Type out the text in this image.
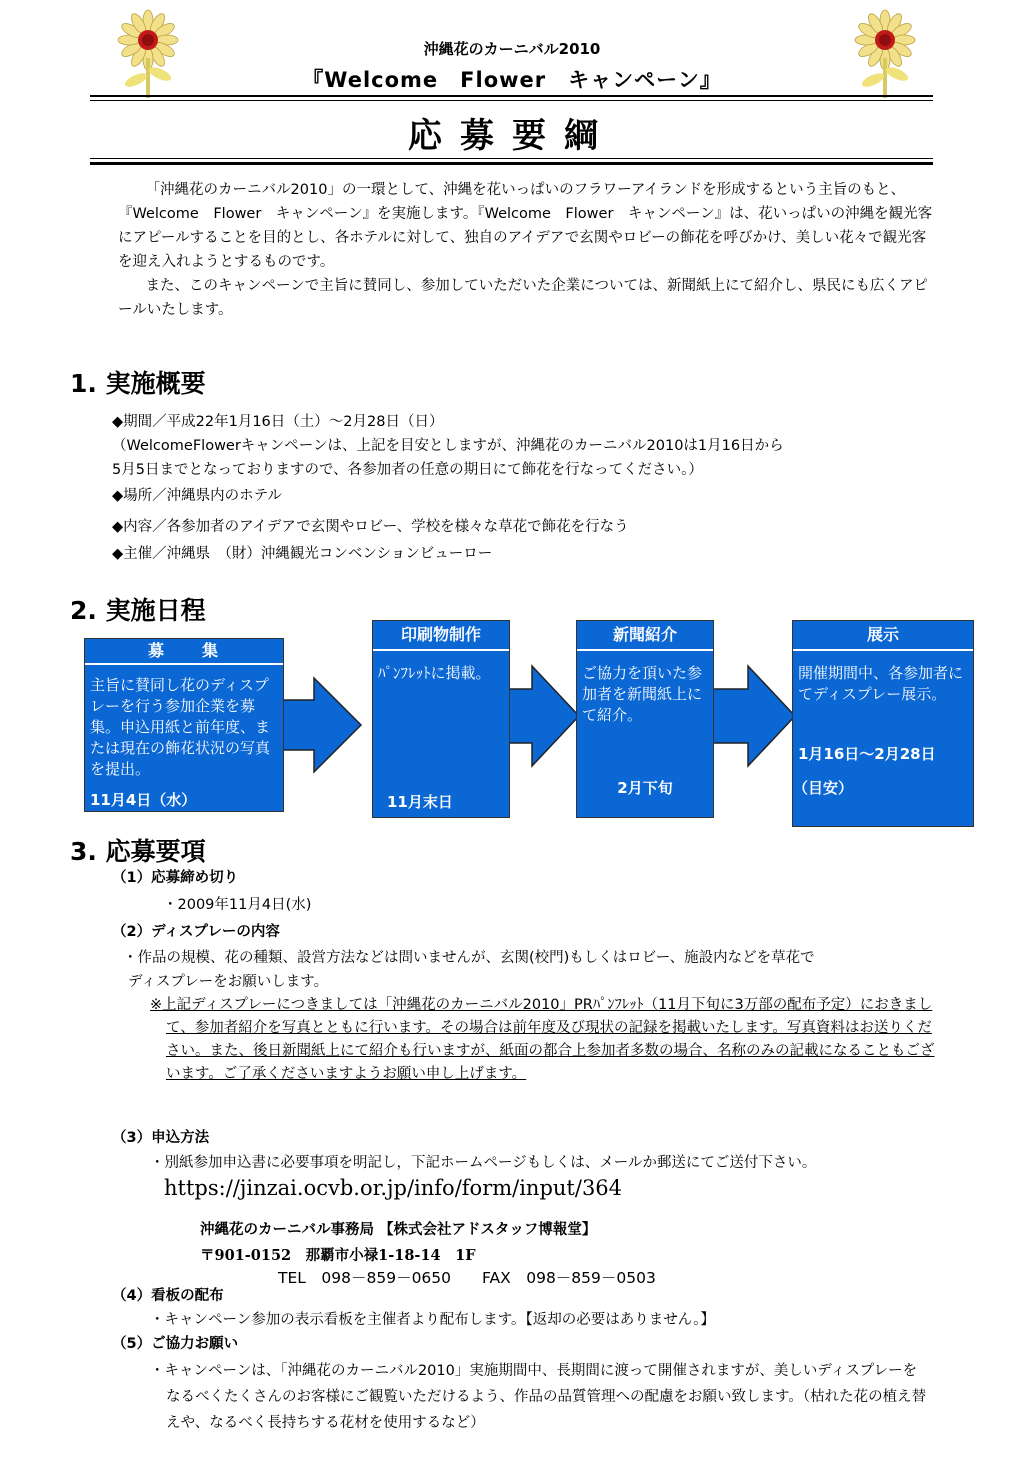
沖縄花のカーニバル2010
『Welcome　Flower　キャンペーン』
応募要綱

「沖縄花のカーニバル2010」の一環として、沖縄を花いっぱいのフラワーアイランドを形成するという主旨のもと、『Welcome　Flower　キャンペーン』を実施します。『Welcome　Flower　キャンペーン』は、花いっぱいの沖縄を観光客にアピールすることを目的とし、各ホテルに対して、独自のアイデアで玄関やロビーの飾花を呼びかけ、美しい花々で観光客を迎え入れようとするものです。

また、このキャンペーンで主旨に賛同し、参加していただいた企業については、新聞紙上にて紹介し、県民にも広くアピールいたします。

1. 実施概要
◆期間／平成22年1月16日（土）～2月28日（日）
（WelcomeFlowerキャンペーンは、上記を目安としますが、沖縄花のカーニバル2010は1月16日から
5月5日までとなっておりますので、各参加者の任意の期日にて飾花を行なってください。）
◆場所／沖縄県内のホテル
◆内容／各参加者のアイデアで玄関やロビー、学校を様々な草花で飾花を行なう
◆主催／沖縄県　（財）沖縄観光コンベンションビューロー
2. 実施日程
募　　集
主旨に賛同し花のディスプレーを行う参加企業を募集。申込用紙と前年度、または現在の飾花状況の写真を提出。
11月4日（水）
印刷物制作
ﾊﾟﾝﾌﾚｯﾄに掲載。
11月末日
新聞紹介
ご協力を頂いた参加者を新聞紙上にて紹介。
2月下旬
展示
開催期間中、各参加者にてディスプレー展示。
1月16日～2月28日
（目安）
3. 応募要項
（1）応募締め切り
・2009年11月4日(水)
（2）ディスプレーの内容
・作品の規模、花の種類、設営方法などは問いませんが、玄関(校門)もしくはロビー、施設内などを草花で
ディスプレーをお願いします。

※上記ディスプレーにつきましては「沖縄花のカーニバル2010」PRﾊﾟﾝﾌﾚｯﾄ（11月下旬に3万部の配布予定）におきまして、参加者紹介を写真とともに行います。その場合は前年度及び現状の記録を掲載いたします。写真資料はお送りください。また、後日新聞紙上にて紹介も行いますが、紙面の都合上参加者多数の場合、名称のみの記載になることもございます。ご了承くださいますようお願い申し上げます。

（3）申込方法
・別紙参加申込書に必要事項を明記し，下記ホームページもしくは、メールか郵送にてご送付下さい。
https://jinzai.ocvb.or.jp/info/form/input/364
沖縄花のカーニバル事務局 【株式会社アドスタッフ博報堂】
〒901-0152　那覇市小禄1-18-14　1F
TEL　098－859－0650　　FAX　098－859－0503
（4）看板の配布
・キャンペーン参加の表示看板を主催者より配布します。【返却の必要はありません。】
（5）ご協力お願い

・キャンペーンは、「沖縄花のカーニバル2010」実施期間中、長期間に渡って開催されますが、美しいディスプレーをなるべくたくさんのお客様にご観覧いただけるよう、作品の品質管理への配慮をお願い致します。（枯れた花の植え替えや、なるべく長持ちする花材を使用するなど）
